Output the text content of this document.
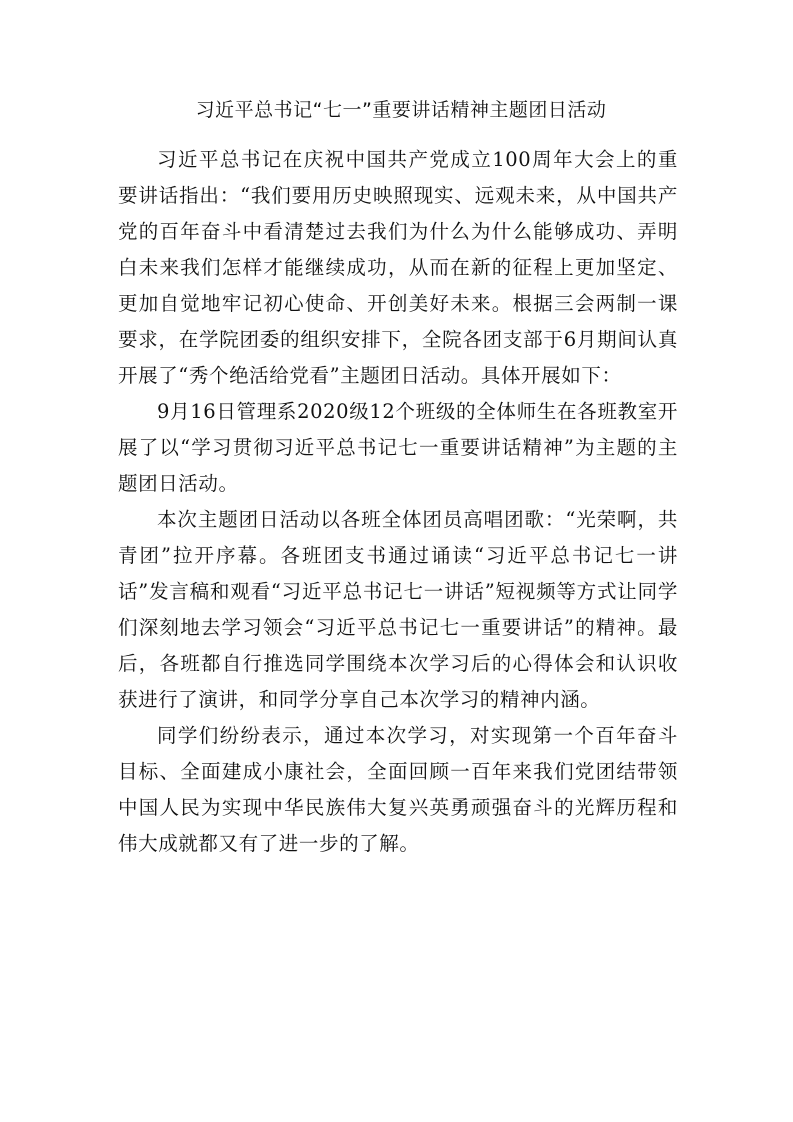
习近平总书记“七一”重要讲话精神主题团日活动

习近平总书记在庆祝中国共产党成立100周年大会上的重要讲话指出：“我们要用历史映照现实、远观未来，从中国共产党的百年奋斗中看清楚过去我们为什么为什么能够成功、弄明白未来我们怎样才能继续成功，从而在新的征程上更加坚定、更加自觉地牢记初心使命、开创美好未来。根据三会两制一课要求，在学院团委的组织安排下，全院各团支部于6月期间认真开展了“秀个绝活给党看”主题团日活动。具体开展如下：

9月16日管理系2020级12个班级的全体师生在各班教室开展了以“学习贯彻习近平总书记七一重要讲话精神”为主题的主题团日活动。

本次主题团日活动以各班全体团员高唱团歌：“光荣啊，共青团”拉开序幕。各班团支书通过诵读“习近平总书记七一讲话”发言稿和观看“习近平总书记七一讲话”短视频等方式让同学们深刻地去学习领会“习近平总书记七一重要讲话”的精神。最后，各班都自行推选同学围绕本次学习后的心得体会和认识收获进行了演讲，和同学分享自己本次学习的精神内涵。

同学们纷纷表示，通过本次学习，对实现第一个百年奋斗目标、全面建成小康社会，全面回顾一百年来我们党团结带领中国人民为实现中华民族伟大复兴英勇顽强奋斗的光辉历程和伟大成就都又有了进一步的了解。
